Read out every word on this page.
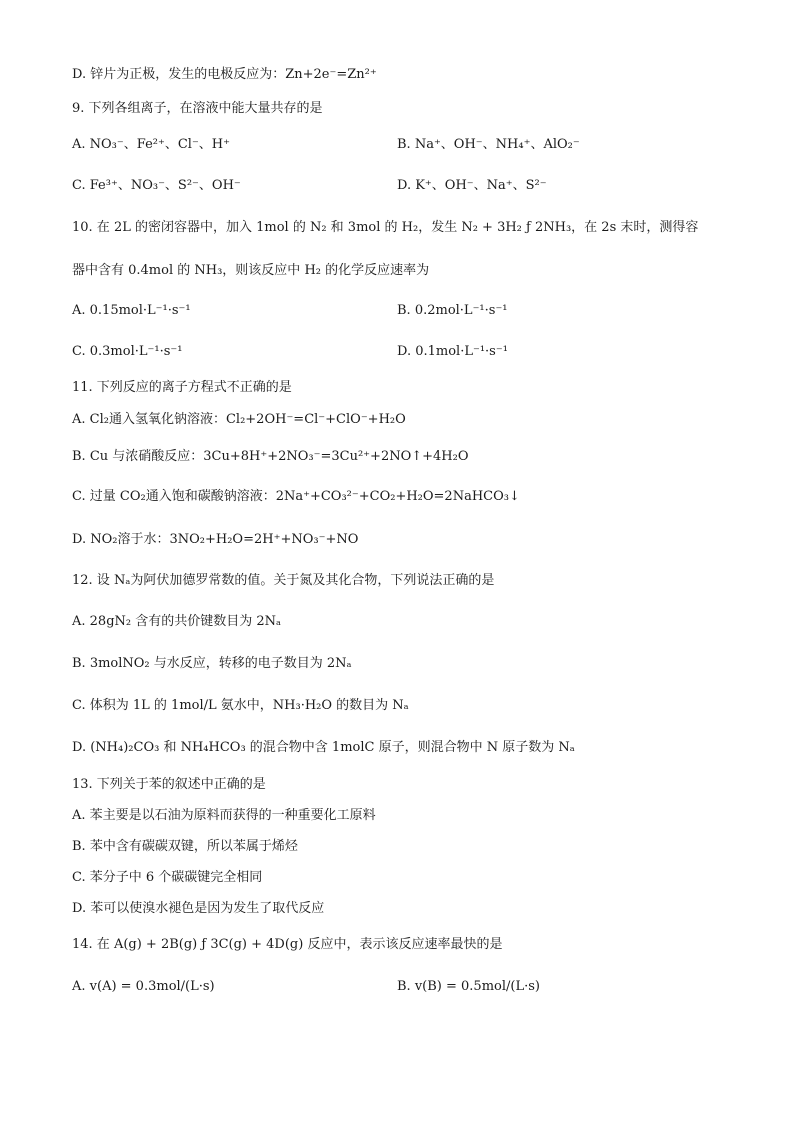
D. 锌片为正极，发生的电极反应为：Zn+2e⁻=Zn²⁺
9. 下列各组离子，在溶液中能大量共存的是
A. NO₃⁻、Fe²⁺、Cl⁻、H⁺	B. Na⁺、OH⁻、NH₄⁺、AlO₂⁻
C. Fe³⁺、NO₃⁻、S²⁻、OH⁻	D. K⁺、OH⁻、Na⁺、S²⁻
10. 在 2L 的密闭容器中，加入 1mol 的 N₂ 和 3mol 的 H₂，发生 N₂ + 3H₂ ƒ 2NH₃，在 2s 末时，测得容
器中含有 0.4mol 的 NH₃，则该反应中 H₂ 的化学反应速率为
A. 0.15mol·L⁻¹·s⁻¹	B. 0.2mol·L⁻¹·s⁻¹
C. 0.3mol·L⁻¹·s⁻¹	D. 0.1mol·L⁻¹·s⁻¹
11. 下列反应的离子方程式不正确的是
A. Cl₂通入氢氧化钠溶液：Cl₂+2OH⁻=Cl⁻+ClO⁻+H₂O
B. Cu 与浓硝酸反应：3Cu+8H⁺+2NO₃⁻=3Cu²⁺+2NO↑+4H₂O
C. 过量 CO₂通入饱和碳酸钠溶液：2Na⁺+CO₃²⁻+CO₂+H₂O=2NaHCO₃↓
D. NO₂溶于水：3NO₂+H₂O=2H⁺+NO₃⁻+NO
12. 设 Nₐ为阿伏加德罗常数的值。关于氮及其化合物，下列说法正确的是
A. 28gN₂ 含有的共价键数目为 2Nₐ
B. 3molNO₂ 与水反应，转移的电子数目为 2Nₐ
C. 体积为 1L 的 1mol/L 氨水中，NH₃·H₂O 的数目为 Nₐ
D. (NH₄)₂CO₃ 和 NH₄HCO₃ 的混合物中含 1molC 原子，则混合物中 N 原子数为 Nₐ
13. 下列关于苯的叙述中正确的是
A. 苯主要是以石油为原料而获得的一种重要化工原料
B. 苯中含有碳碳双键，所以苯属于烯烃
C. 苯分子中 6 个碳碳键完全相同
D. 苯可以使溴水褪色是因为发生了取代反应
14. 在 A(g) + 2B(g) ƒ 3C(g) + 4D(g) 反应中，表示该反应速率最快的是
A. v(A) = 0.3mol/(L·s)	B. v(B) = 0.5mol/(L·s)
